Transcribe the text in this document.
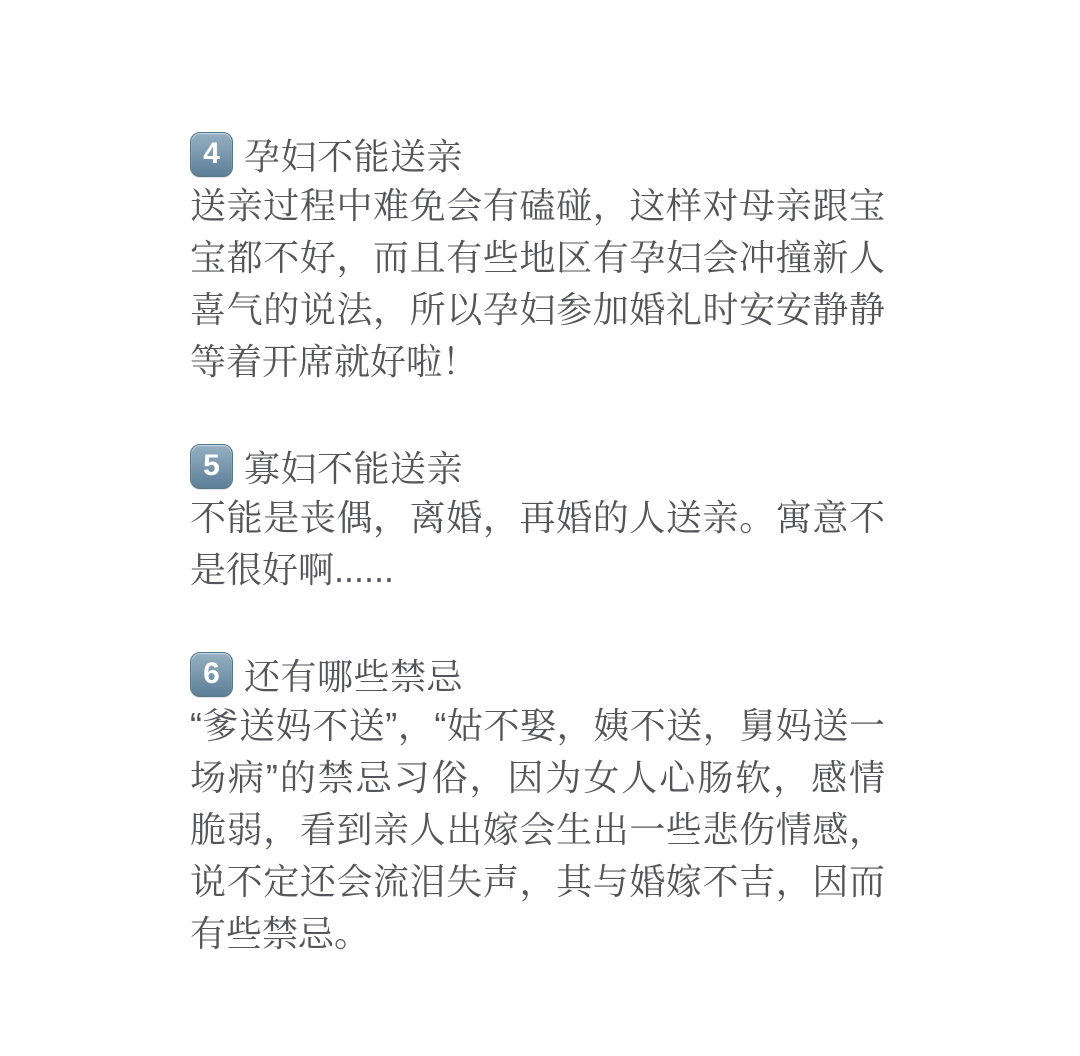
4 孕妇不能送亲

送亲过程中难免会有磕碰，这样对母亲跟宝宝都不好，而且有些地区有孕妇会冲撞新人喜气的说法，所以孕妇参加婚礼时安安静静等着开席就好啦！

5 寡妇不能送亲

不能是丧偶，离婚，再婚的人送亲。寓意不是很好啊......

6 还有哪些禁忌

“爹送妈不送”，“姑不娶，姨不送，舅妈送一场病”的禁忌习俗，因为女人心肠软，感情脆弱，看到亲人出嫁会生出一些悲伤情感，说不定还会流泪失声，其与婚嫁不吉，因而有些禁忌。
